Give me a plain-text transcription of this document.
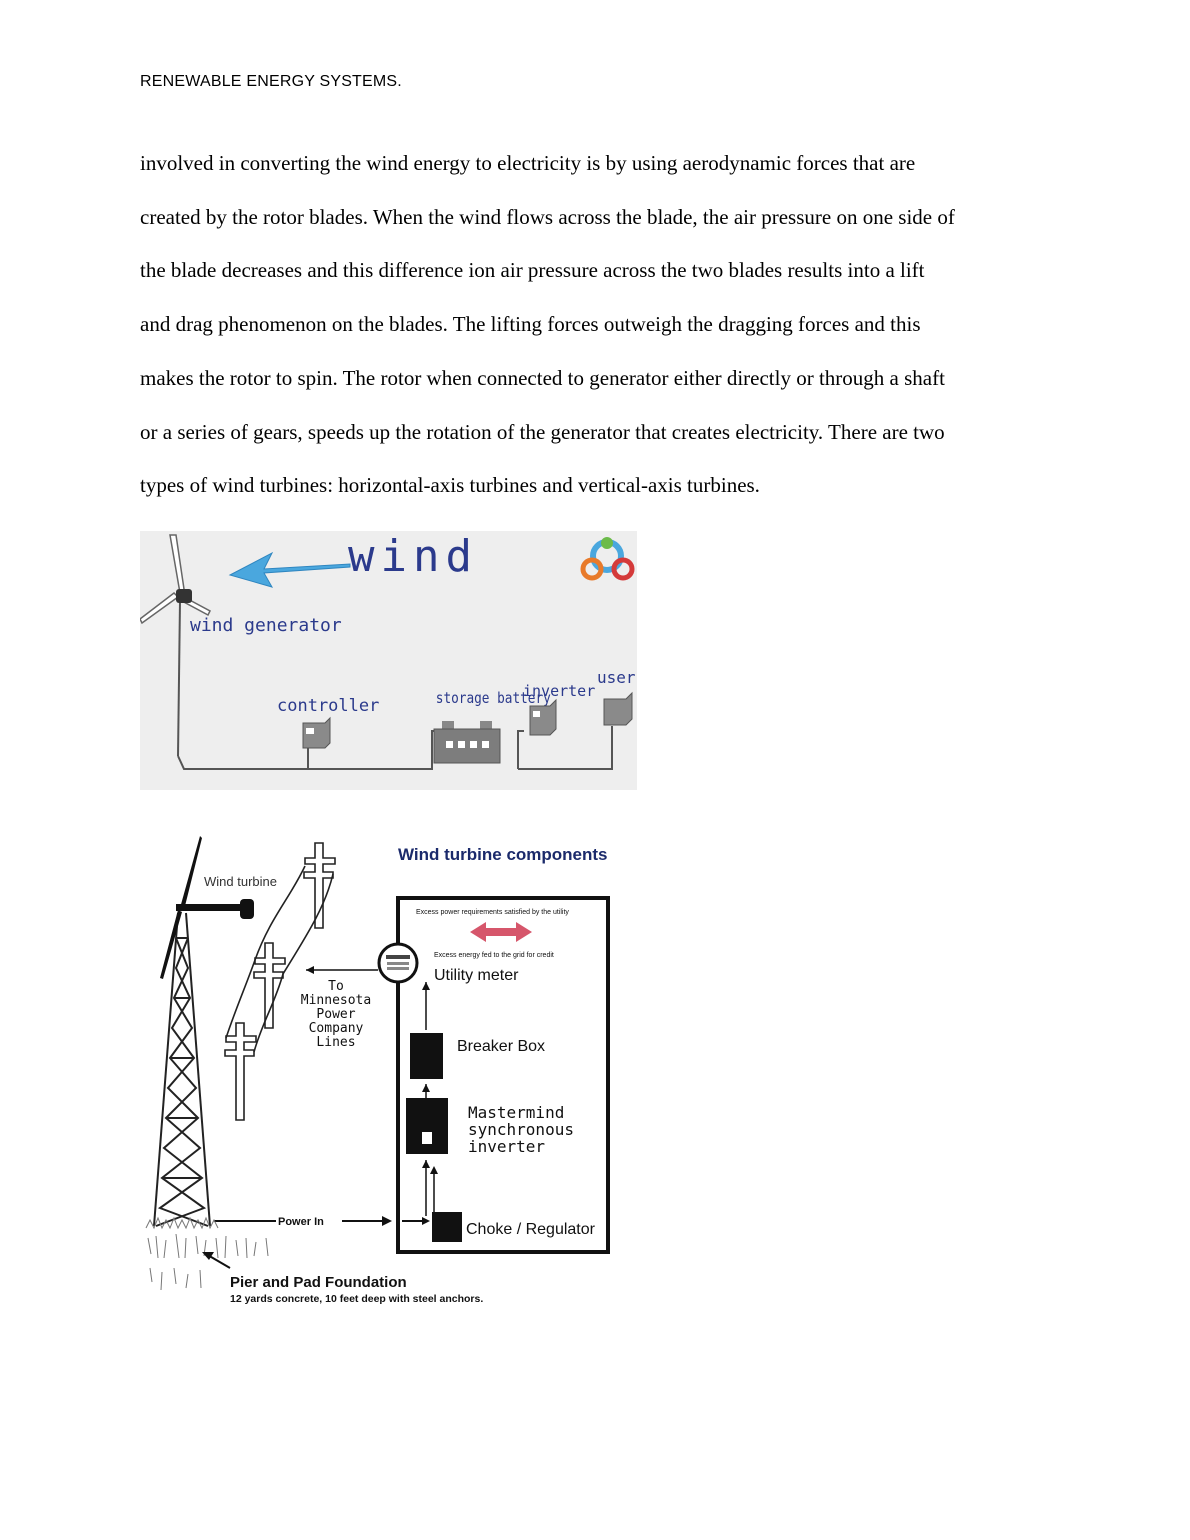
RENEWABLE ENERGY SYSTEMS.
involved in converting the wind energy to electricity is by using aerodynamic forces that are
created by the rotor blades. When the wind flows across the blade, the air pressure on one side of
the blade decreases and this difference ion air pressure across the two blades results into a lift
and drag phenomenon on the blades. The lifting forces outweigh the dragging forces and this
makes the rotor to spin. The rotor when connected to generator either directly or through a shaft
or a series of gears, speeds up the rotation of the generator that creates electricity. There are two
types of wind turbines: horizontal-axis turbines and vertical-axis turbines.
wind
wind generator
controller	storage battery
inverter
user
Wind turbine components
Wind turbine
To
Minnesota
Power
Company
Lines
Excess power requirements satisfied by the utility
Excess energy fed to the grid for credit
Utility meter
Breaker Box
Mastermind
synchronous
inverter
Power In	Choke / Regulator
Pier and Pad Foundation
12 yards concrete, 10 feet deep with steel anchors.
